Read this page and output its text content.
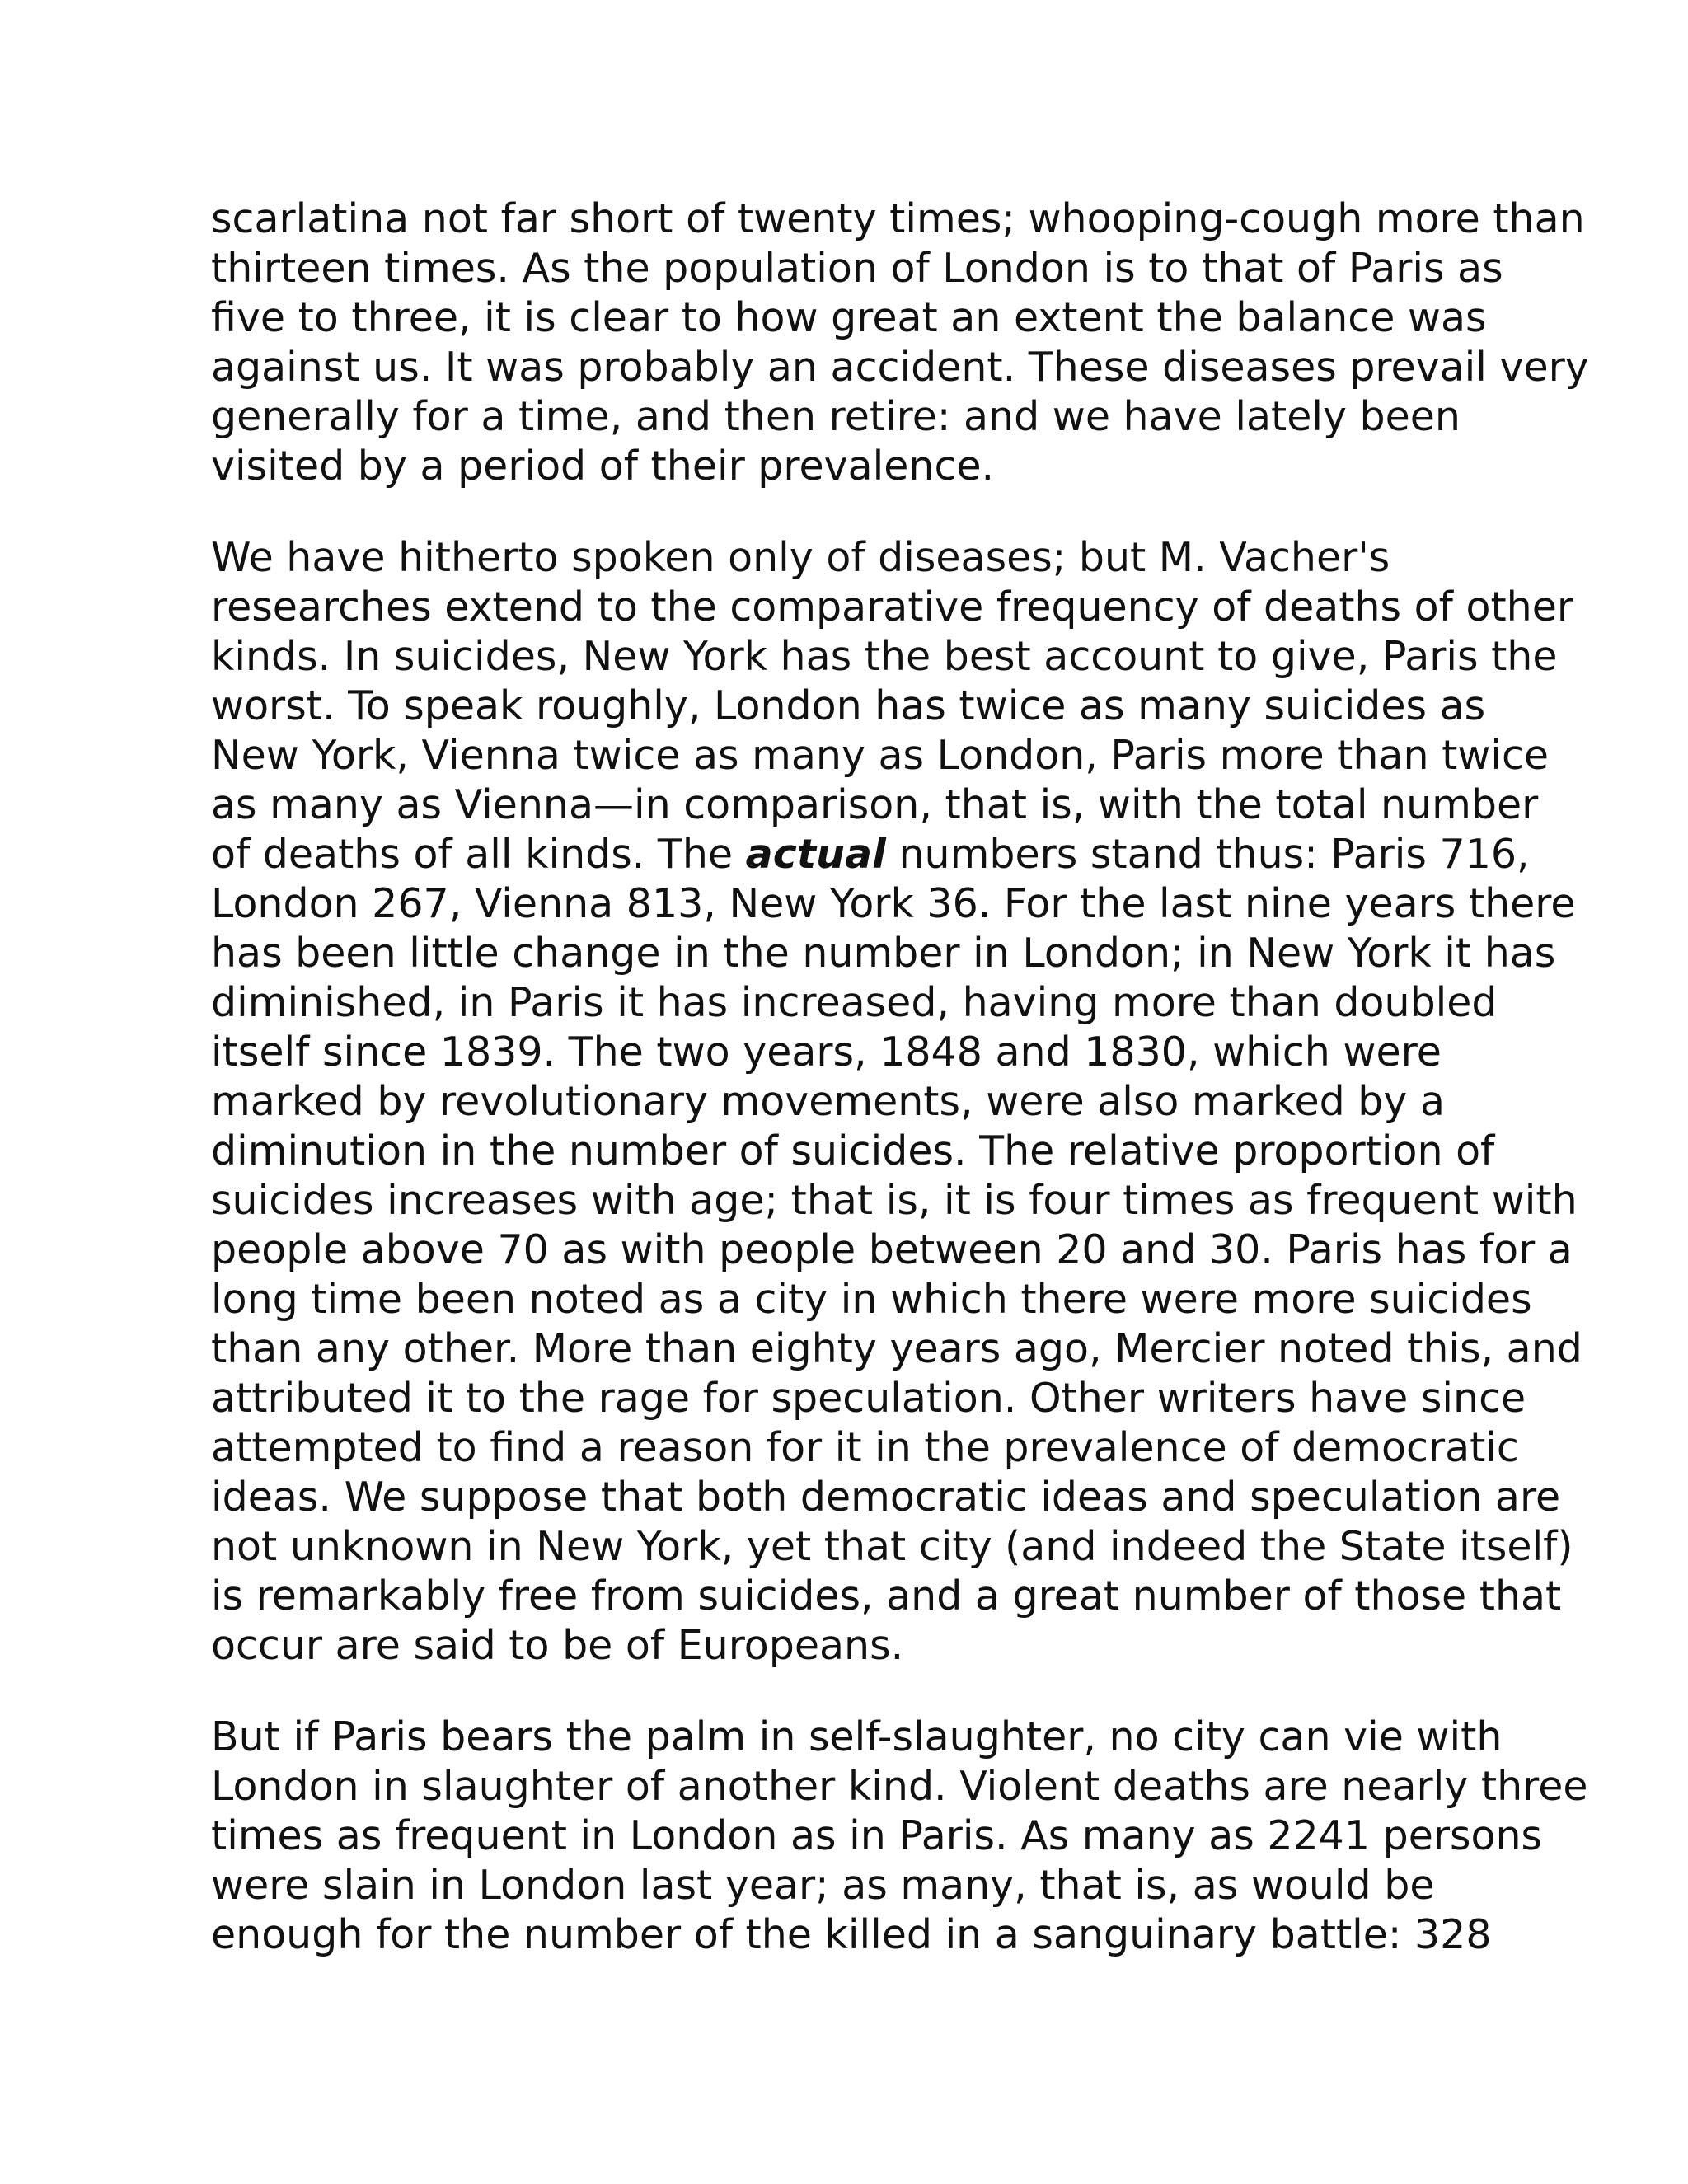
scarlatina not far short of twenty times; whooping-cough more than
thirteen times. As the population of London is to that of Paris as
five to three, it is clear to how great an extent the balance was
against us. It was probably an accident. These diseases prevail very
generally for a time, and then retire: and we have lately been
visited by a period of their prevalence.
We have hitherto spoken only of diseases; but M. Vacher's
researches extend to the comparative frequency of deaths of other
kinds. In suicides, New York has the best account to give, Paris the
worst. To speak roughly, London has twice as many suicides as
New York, Vienna twice as many as London, Paris more than twice
as many as Vienna—in comparison, that is, with the total number
of deaths of all kinds. The actual numbers stand thus: Paris 716,
London 267, Vienna 813, New York 36. For the last nine years there
has been little change in the number in London; in New York it has
diminished, in Paris it has increased, having more than doubled
itself since 1839. The two years, 1848 and 1830, which were
marked by revolutionary movements, were also marked by a
diminution in the number of suicides. The relative proportion of
suicides increases with age; that is, it is four times as frequent with
people above 70 as with people between 20 and 30. Paris has for a
long time been noted as a city in which there were more suicides
than any other. More than eighty years ago, Mercier noted this, and
attributed it to the rage for speculation. Other writers have since
attempted to find a reason for it in the prevalence of democratic
ideas. We suppose that both democratic ideas and speculation are
not unknown in New York, yet that city (and indeed the State itself)
is remarkably free from suicides, and a great number of those that
occur are said to be of Europeans.
But if Paris bears the palm in self-slaughter, no city can vie with
London in slaughter of another kind. Violent deaths are nearly three
times as frequent in London as in Paris. As many as 2241 persons
were slain in London last year; as many, that is, as would be
enough for the number of the killed in a sanguinary battle: 328
